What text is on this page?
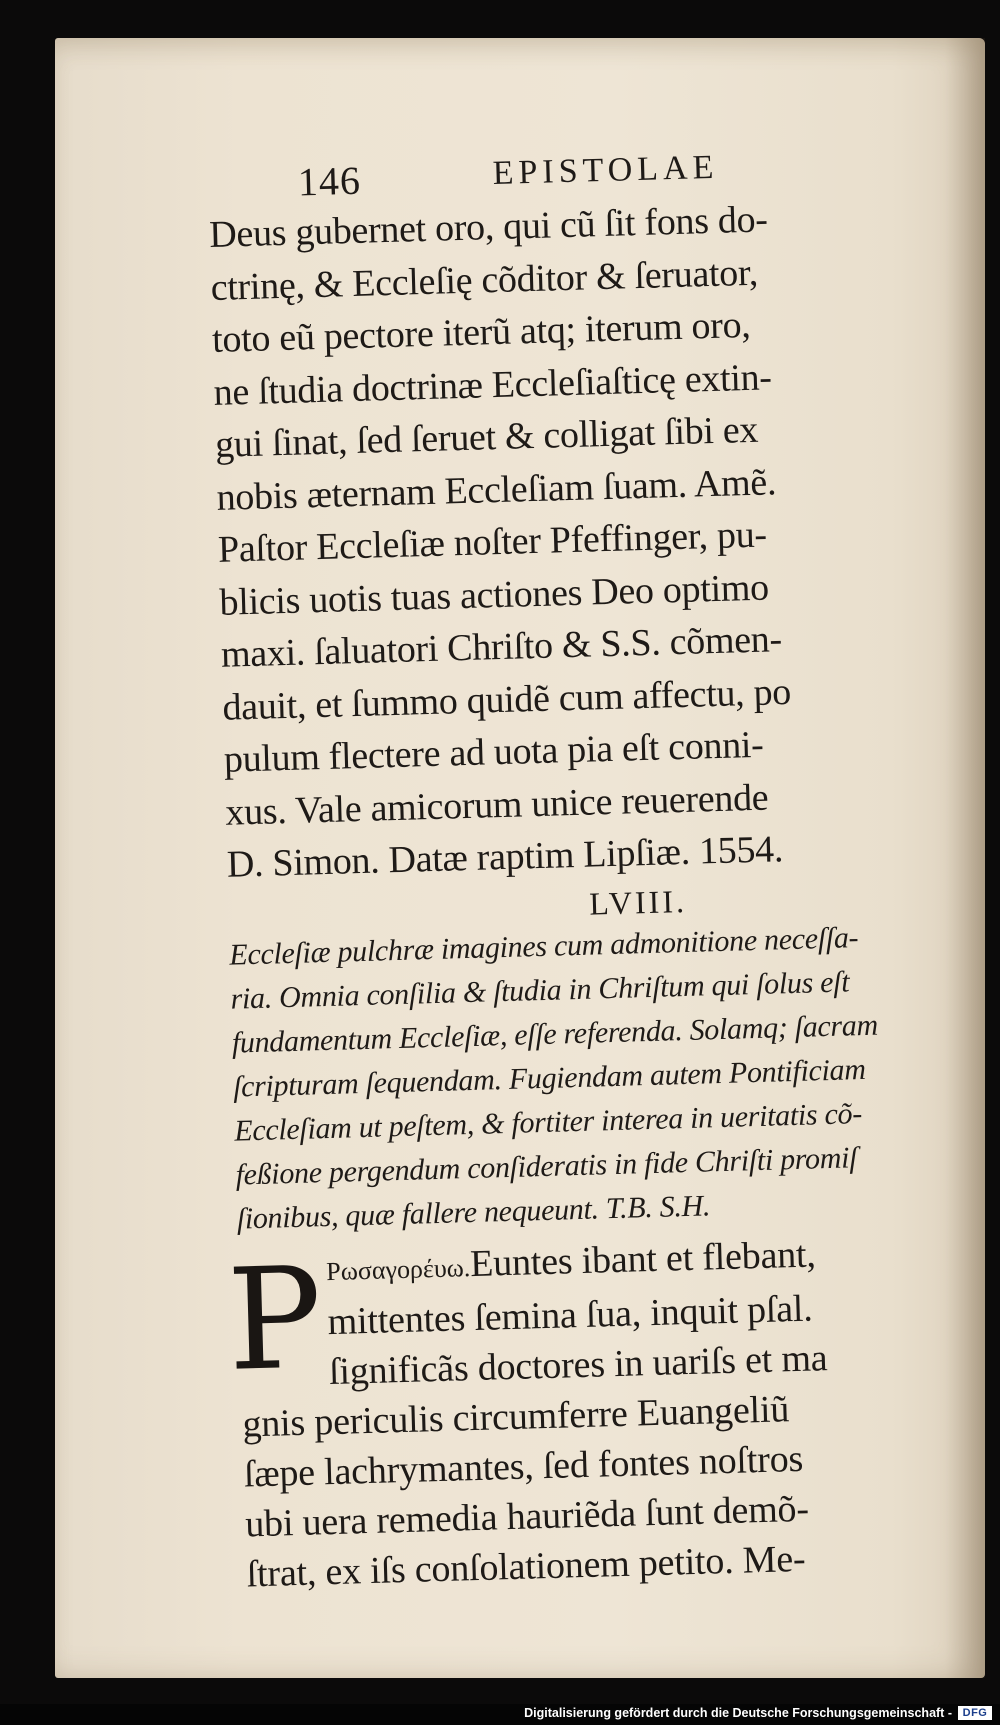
146	EPISTOLAE
Deus gubernet oro, qui cũ ſit fons do-
ctrinę, & Eccleſię cõditor & ſeruator,
toto eũ pectore iterũ atq; iterum oro,
ne ſtudia doctrinæ Eccleſiaſticę extin-
gui ſinat, ſed ſeruet & colligat ſibi ex
nobis æternam Eccleſiam ſuam. Amẽ.
Paſtor Eccleſiæ noſter Pfeffinger, pu-
blicis uotis tuas actiones Deo optimo
maxi. ſaluatori Chriſto & S.S. cõmen-
dauit, et ſummo quidẽ cum affectu, po
pulum flectere ad uota pia eſt conni-
xus. Vale amicorum unice reuerende
D. Simon. Datæ raptim Lipſiæ. 1554.
LVIII.
Eccleſiæ pulchræ imagines cum admonitione neceſſa-
ria. Omnia conſilia & ſtudia in Chriſtum qui ſolus eſt
fundamentum Eccleſiæ, eſſe referenda. Solamq; ſacram
ſcripturam ſequendam. Fugiendam autem Pontificiam
Eccleſiam ut peſtem, & fortiter interea in ueritatis cõ-
feßione pergendum conſideratis in fide Chriſti promiſ
ſionibus, quæ fallere nequeunt. T.B. S.H.
P Ρωσαγορέυω.Euntes ibant et flebant,
mittentes ſemina ſua, inquit pſal.
ſignificãs doctores in uariſs et ma
gnis periculis circumferre Euangeliũ
ſæpe lachrymantes, ſed fontes noſtros
ubi uera remedia hauriẽda ſunt demõ-
ſtrat, ex iſs conſolationem petito. Me-
Digitalisierung gefördert durch die Deutsche Forschungsgemeinschaft - DFG
